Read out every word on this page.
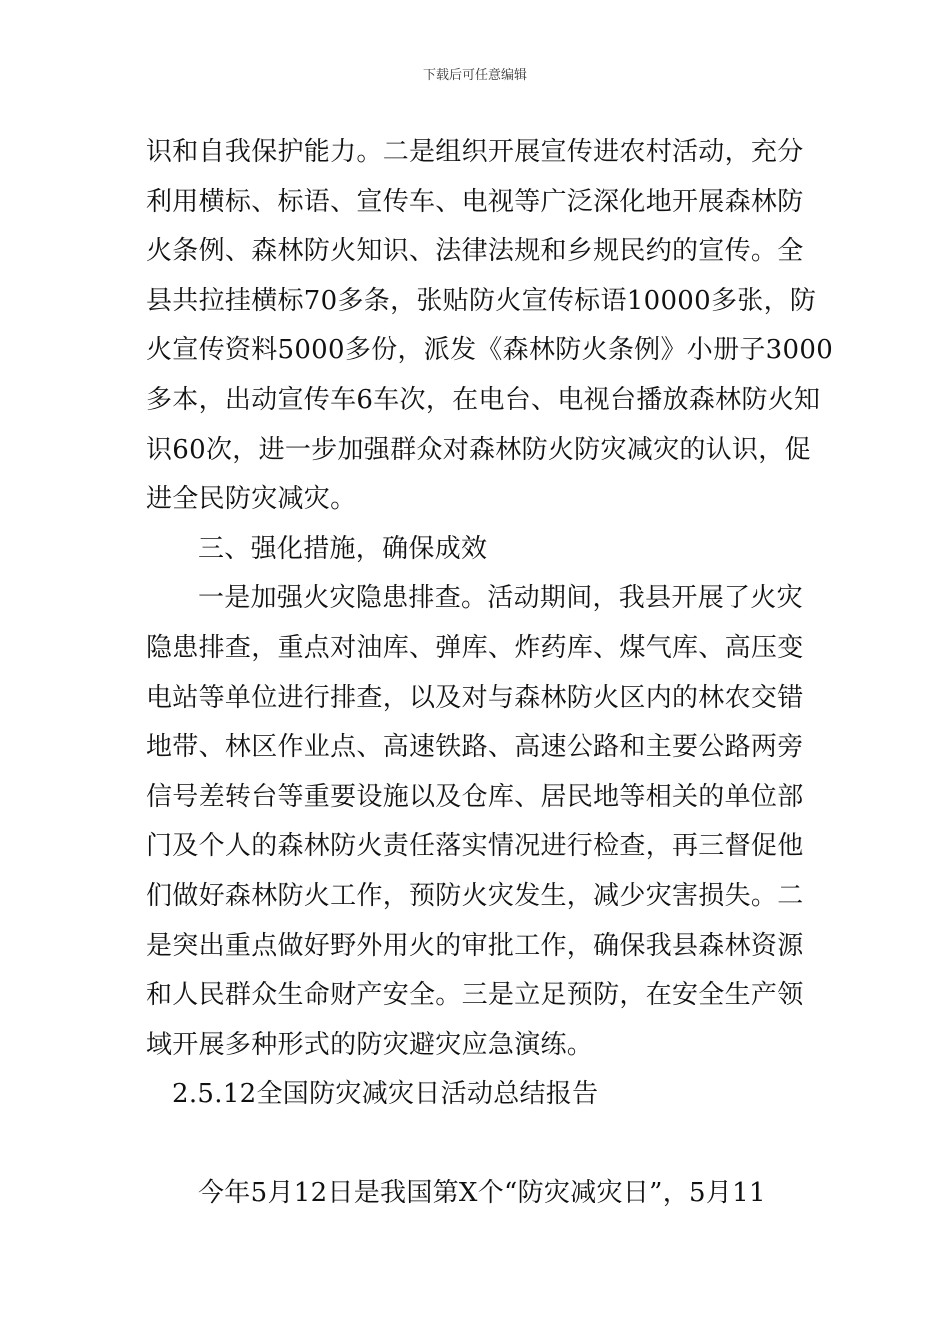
下载后可任意编辑
识和自我保护能力。二是组织开展宣传进农村活动，充分
利用横标、标语、宣传车、电视等广泛深化地开展森林防
火条例、森林防火知识、法律法规和乡规民约的宣传。全
县共拉挂横标70多条，张贴防火宣传标语10000多张，防
火宣传资料5000多份，派发《森林防火条例》小册子3000
多本，出动宣传车6车次，在电台、电视台播放森林防火知
识60次，进一步加强群众对森林防火防灾减灾的认识，促
进全民防灾减灾。
三、强化措施，确保成效
一是加强火灾隐患排查。活动期间，我县开展了火灾
隐患排查，重点对油库、弹库、炸药库、煤气库、高压变
电站等单位进行排查，以及对与森林防火区内的林农交错
地带、林区作业点、高速铁路、高速公路和主要公路两旁
信号差转台等重要设施以及仓库、居民地等相关的单位部
门及个人的森林防火责任落实情况进行检查，再三督促他
们做好森林防火工作，预防火灾发生，减少灾害损失。二
是突出重点做好野外用火的审批工作，确保我县森林资源
和人民群众生命财产安全。三是立足预防，在安全生产领
域开展多种形式的防灾避灾应急演练。
2.5.12全国防灾减灾日活动总结报告
今年5月12日是我国第X个“防灾减灾日”，5月11
